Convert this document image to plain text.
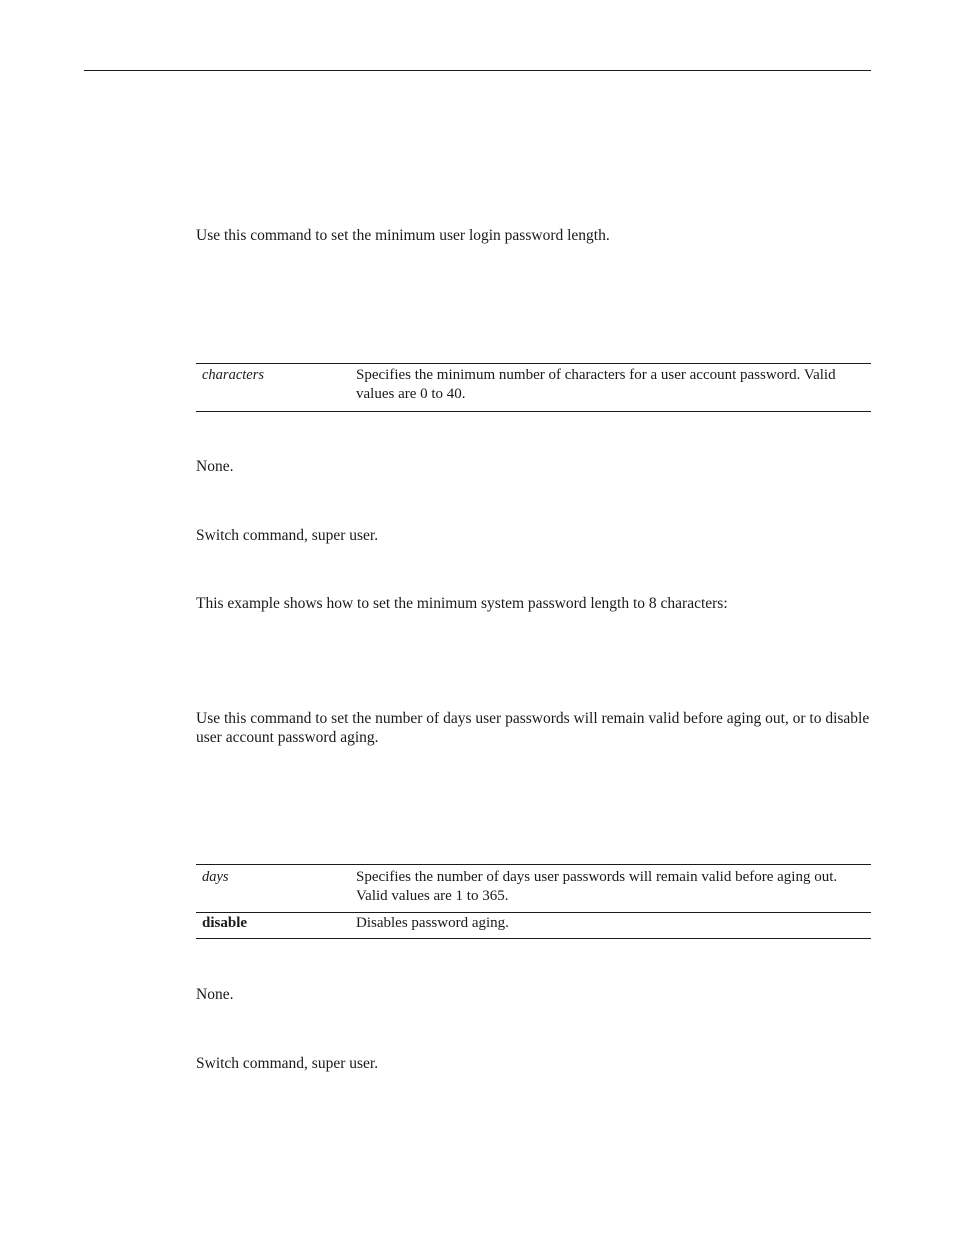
Use this command to set the minimum user login password length.

characters	Specifies the minimum number of characters for a user account password. Valid values are 0 to 40.

None.

Switch command, super user.

This example shows how to set the minimum system password length to 8 characters:

Use this command to set the number of days user passwords will remain valid before aging out, or to disable user account password aging.

days	Specifies the number of days user passwords will remain valid before aging out. Valid values are 1 to 365.
disable	Disables password aging.

None.

Switch command, super user.
